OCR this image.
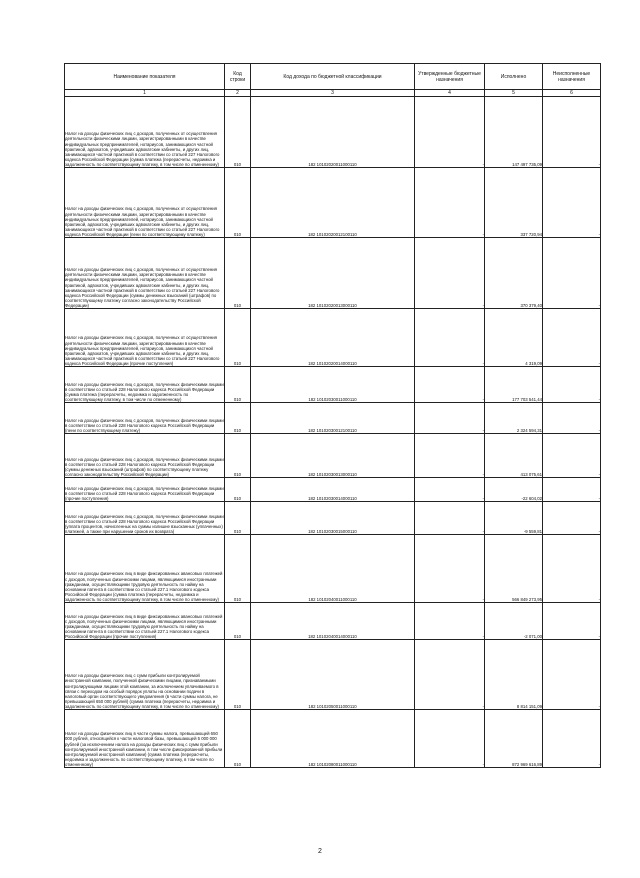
Наименование показателя	Код строки	Код дохода по бюджетной классификации	Утвержденные бюджетные назначения	Исполнено	Неисполненные назначения
1	2	3	4	5	6
Налог на доходы физических лиц с доходов, полученных от осуществления деятельности физическими лицами, зарегистрированными в качестве индивидуальных предпринимателей, нотариусов, занимающихся частной практикой, адвокатов, учредивших адвокатские кабинеты, и других лиц, занимающихся частной практикой в соответствии со статьей 227 Налогового кодекса Российской Федерации (сумма платежа (перерасчеты, недоимка и задолженность по соответствующему платежу, в том числе по отмененному)	010	182 10102020011000110	-	147 497 735,09	-
Налог на доходы физических лиц с доходов, полученных от осуществления деятельности физическими лицами, зарегистрированными в качестве индивидуальных предпринимателей, нотариусов, занимающихся частной практикой, адвокатов, учредивших адвокатские кабинеты, и других лиц, занимающихся частной практикой в соответствии со статьей 227 Налогового кодекса Российской Федерации (пени по соответствующему платежу)	010	182 10102020012100110	-	337 720,94	-
Налог на доходы физических лиц с доходов, полученных от осуществления деятельности физическими лицами, зарегистрированными в качестве индивидуальных предпринимателей, нотариусов, занимающихся частной практикой, адвокатов, учредивших адвокатские кабинеты, и других лиц, занимающихся частной практикой в соответствии со статьей 227 Налогового кодекса Российской Федерации (суммы денежных взысканий (штрафов) по соответствующему платежу согласно законодательству Российской Федерации)	010	182 10102020013000110	-	370 379,40	-
Налог на доходы физических лиц с доходов, полученных от осуществления деятельности физическими лицами, зарегистрированными в качестве индивидуальных предпринимателей, нотариусов, занимающихся частной практикой, адвокатов, учредивших адвокатские кабинеты, и других лиц, занимающихся частной практикой в соответствии со статьей 227 Налогового кодекса Российской Федерации (прочие поступления)	010	182 10102020014000110	-	4 319,09	-
Налог на доходы физических лиц с доходов, полученных физическими лицами в соответствии со статьей 228 Налогового кодекса Российской Федерации (сумма платежа (перерасчеты, недоимка и задолженность по соответствующему платежу, в том числе по отмененному)	010	182 10102030011000110	-	177 703 541,44	-
Налог на доходы физических лиц с доходов, полученных физическими лицами в соответствии со статьей 228 Налогового кодекса Российской Федерации (пени по соответствующему платежу)	010	182 10102030012100110	-	2 324 594,31	-
Налог на доходы физических лиц с доходов, полученных физическими лицами в соответствии со статьей 228 Налогового кодекса Российской Федерации (суммы денежных взысканий (штрафов) по соответствующему платежу согласно законодательству Российской Федерации)	010	182 10102030013000110	-	413 075,61	-
Налог на доходы физических лиц с доходов, полученных физическими лицами в соответствии со статьей 228 Налогового кодекса Российской Федерации (прочие поступления)	010	182 10102030014000110	-	-22 604,02	-
Налог на доходы физических лиц с доходов, полученных физическими лицами в соответствии со статьей 228 Налогового кодекса Российской Федерации (уплата процентов, начисленных на суммы излишне взысканных (уплаченных) платежей, а также при нарушении сроков их возврата)	010	182 10102030015000110	-	-9 559,81	-
Налог на доходы физических лиц в виде фиксированных авансовых платежей с доходов, полученных физическими лицами, являющимися иностранными гражданами, осуществляющими трудовую деятельность по найму на основании патента в соответствии со статьей 227.1 Налогового кодекса Российской Федерации (сумма платежа (перерасчеты, недоимка и задолженность по соответствующему платежу, в том числе по отмененному)	010	182 10102040011000110	-	566 849 273,95	-
Налог на доходы физических лиц в виде фиксированных авансовых платежей с доходов, полученных физическими лицами, являющимися иностранными гражданами, осуществляющими трудовую деятельность по найму на основании патента в соответствии со статьей 227.1 Налогового кодекса Российской Федерации (прочие поступления)	010	182 10102040014000110	-	-2 071,00	-
Налог на доходы физических лиц с сумм прибыли контролируемой иностранной компании, полученной физическими лицами, признаваемыми контролирующими лицами этой компании, за исключением уплачиваемого в связи с переходом на особый порядок уплаты на основании подачи в налоговый орган соответствующего уведомления (в части суммы налога, не превышающей 650 000 рублей) (сумма платежа (перерасчеты, недоимка и задолженность по соответствующему платежу, в том числе по отмененному)	010	182 10102050011000110	-	8 814 151,09	-
Налог на доходы физических лиц в части суммы налога, превышающей 650 000 рублей, относящейся к части налоговой базы, превышающей 5 000 000 рублей (за исключением налога на доходы физических лиц с сумм прибыли контролируемой иностранной компании, в том числе фиксированной прибыли контролируемой иностранной компании) (сумма платежа (перерасчеты, недоимка и задолженность по соответствующему платежу, в том числе по отмененному)	010	182 10102080011000110	-	872 969 616,89	-
2
